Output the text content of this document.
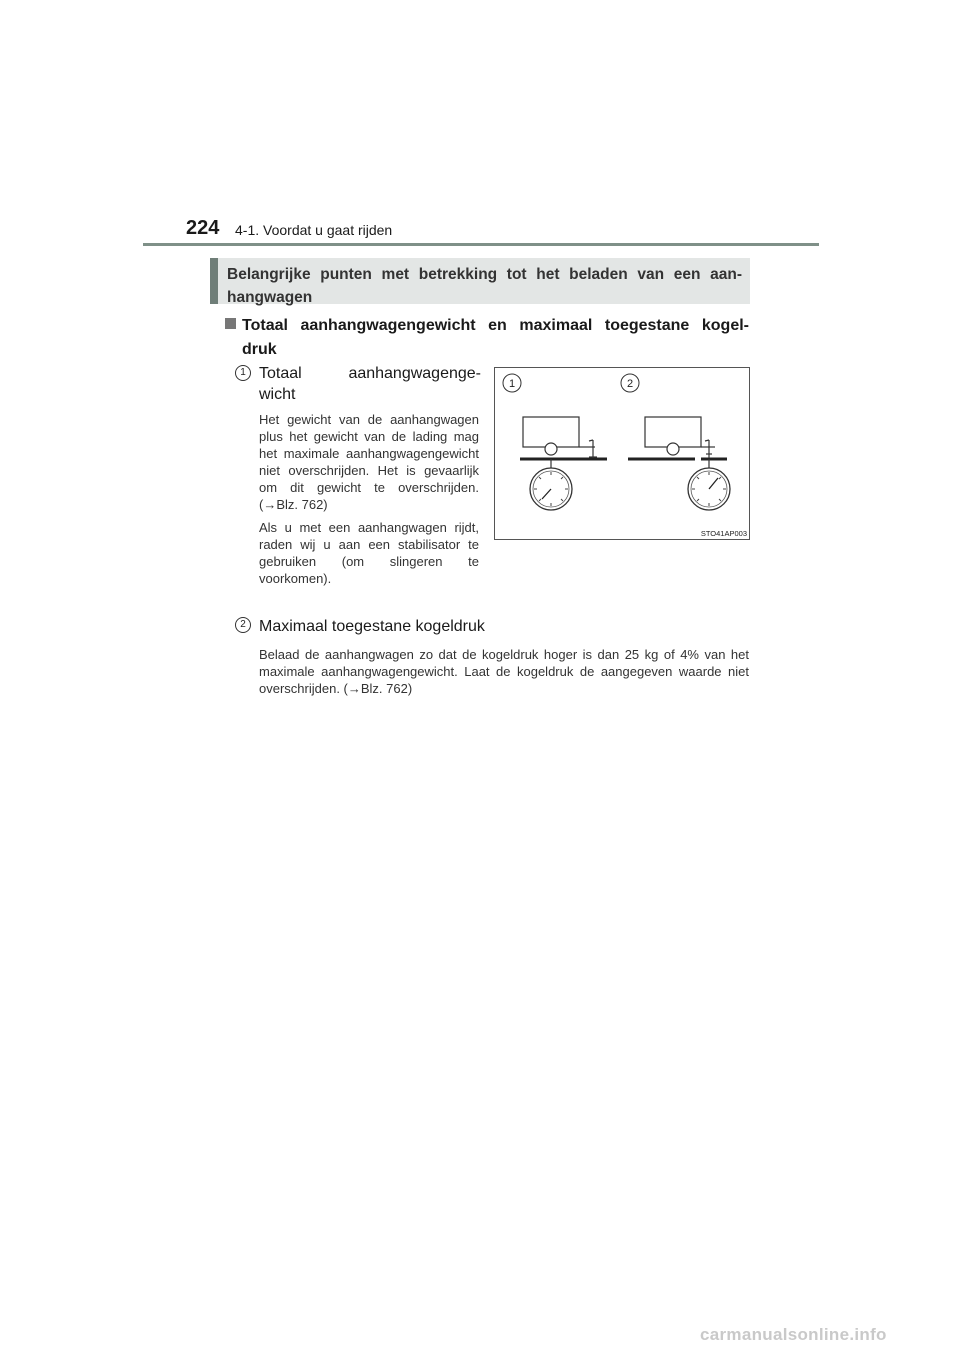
224 4-1. Voordat u gaat rijden
Belangrijke punten met betrekking tot het beladen van een aan-
hangwagen
Totaal aanhangwagengewicht en maximaal toegestane kogel-
druk
1 Totaal	aanhangwagenge-
wicht

Het gewicht van de aanhangwagen plus het gewicht van de lading mag het maximale aanhangwagengewicht niet overschrijden. Het is gevaarlijk om dit gewicht te overschrijden. (→Blz. 762)

Als u met een aanhangwagen rijdt, raden wij u aan een stabilisator te gebruiken (om slingeren te voorkomen).

1	2
STO41AP003
2 Maximaal toegestane kogeldruk
Belaad de aanhangwagen zo dat de kogeldruk hoger is dan 25 kg of 4% van het maximale aanhangwagengewicht. Laat de kogeldruk de aangegeven waarde niet overschrijden. (→Blz. 762)
carmanualsonline.info
